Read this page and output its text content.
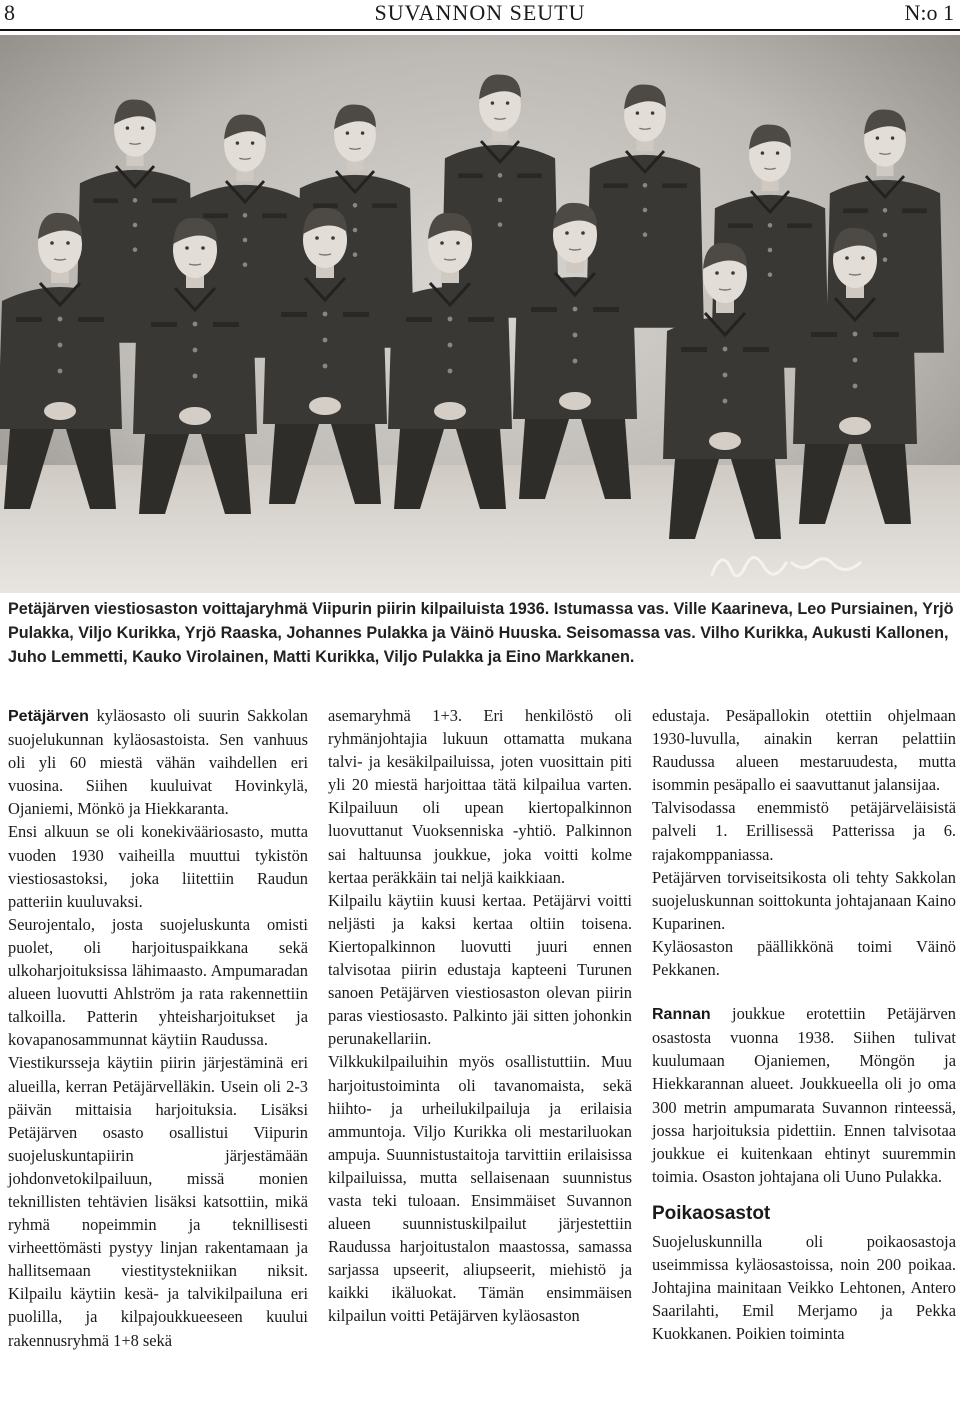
8	SUVANNON SEUTU	N:o 1
Petäjärven viestiosaston voittajaryhmä Viipurin piirin kilpailuista 1936. Istumassa vas. Ville Kaarineva, Leo Pursiainen, Yrjö Pulakka, Viljo Kurikka, Yrjö Raaska, Johannes Pulakka ja Väinö Huuska. Seisomassa vas. Vilho Kurikka, Aukusti Kallonen, Juho Lemmetti, Kauko Virolainen, Matti Kurikka, Viljo Pulakka ja Eino Markkanen.

Petäjärven kyläosasto oli suurin Sakkolan suojelukunnan kyläosastoista. Sen vanhuus oli yli 60 miestä vähän vaihdellen eri vuosina. Siihen kuuluivat Hovinkylä, Ojaniemi, Mönkö ja Hiekkaranta.

Ensi alkuun se oli konekivääriosasto, mutta vuoden 1930 vaiheilla muuttui tykistön viestiosastoksi, joka liitettiin Raudun patteriin kuuluvaksi.

Seurojentalo, josta suojeluskunta omisti puolet, oli harjoituspaikkana sekä ulkoharjoituksissa lähimaasto. Ampumaradan alueen luovutti Ahlström ja rata rakennettiin talkoilla. Patterin yhteisharjoitukset ja kovapanosammunnat käytiin Raudussa.

Viestikursseja käytiin piirin järjestäminä eri alueilla, kerran Petäjärvelläkin. Usein oli 2-3 päivän mittaisia harjoituksia. Lisäksi Petäjärven osasto osallistui Viipurin suojeluskuntapiirin järjestämään johdonvetokilpailuun, missä monien teknillisten tehtävien lisäksi katsottiin, mikä ryhmä nopeimmin ja teknillisesti virheettömästi pystyy linjan rakentamaan ja hallitsemaan viestitystekniikan niksit. Kilpailu käytiin kesä- ja talvikilpailuna eri puolilla, ja kilpajoukkueeseen kuului rakennusryhmä 1+8 sekä

asemaryhmä 1+3. Eri henkilöstö oli ryhmänjohtajia lukuun ottamatta mukana talvi- ja kesäkilpailuissa, joten vuosittain piti yli 20 miestä harjoittaa tätä kilpailua varten. Kilpailuun oli upean kiertopalkinnon luovuttanut Vuoksenniska -yhtiö. Palkinnon sai haltuunsa joukkue, joka voitti kolme kertaa peräkkäin tai neljä kaikkiaan.

Kilpailu käytiin kuusi kertaa. Petäjärvi voitti neljästi ja kaksi kertaa oltiin toisena. Kiertopalkinnon luovutti juuri ennen talvisotaa piirin edustaja kapteeni Turunen sanoen Petäjärven viestiosaston olevan piirin paras viestiosasto. Palkinto jäi sitten johonkin perunakellariin.

Vilkkukilpailuihin myös osallistuttiin. Muu harjoitustoiminta oli tavanomaista, sekä hiihto- ja urheilukilpailuja ja erilaisia ammuntoja. Viljo Kurikka oli mestariluokan ampuja. Suunnistustaitoja tarvittiin erilaisissa kilpailuissa, mutta sellaisenaan suunnistus vasta teki tuloaan. Ensimmäiset Suvannon alueen suunnistuskilpailut järjestettiin Raudussa harjoitustalon maastossa, samassa sarjassa upseerit, aliupseerit, miehistö ja kaikki ikäluokat. Tämän ensimmäisen kilpailun voitti Petäjärven kyläosaston

edustaja. Pesäpallokin otettiin ohjelmaan 1930-luvulla, ainakin kerran pelattiin Raudussa alueen mestaruudesta, mutta isommin pesäpallo ei saavuttanut jalansijaa.

Talvisodassa enemmistö petäjärveläisistä palveli 1. Erillisessä Patterissa ja 6. rajakomppaniassa.

Petäjärven torviseitsikosta oli tehty Sakkolan suojeluskunnan soittokunta johtajanaan Kaino Kuparinen.

Kyläosaston päällikkönä toimi Väinö Pekkanen.

Rannan joukkue erotettiin Petäjärven osastosta vuonna 1938. Siihen tulivat kuulumaan Ojaniemen, Möngön ja Hiekkarannan alueet. Joukkueella oli jo oma 300 metrin ampumarata Suvannon rinteessä, jossa harjoituksia pidettiin. Ennen talvisotaa joukkue ei kuitenkaan ehtinyt suuremmin toimia. Osaston johtajana oli Uuno Pulakka.

Poikaosastot

Suojeluskunnilla oli poikaosastoja useimmissa kyläosastoissa, noin 200 poikaa. Johtajina mainitaan Veikko Lehtonen, Antero Saarilahti, Emil Merjamo ja Pekka Kuokkanen. Poikien toiminta
